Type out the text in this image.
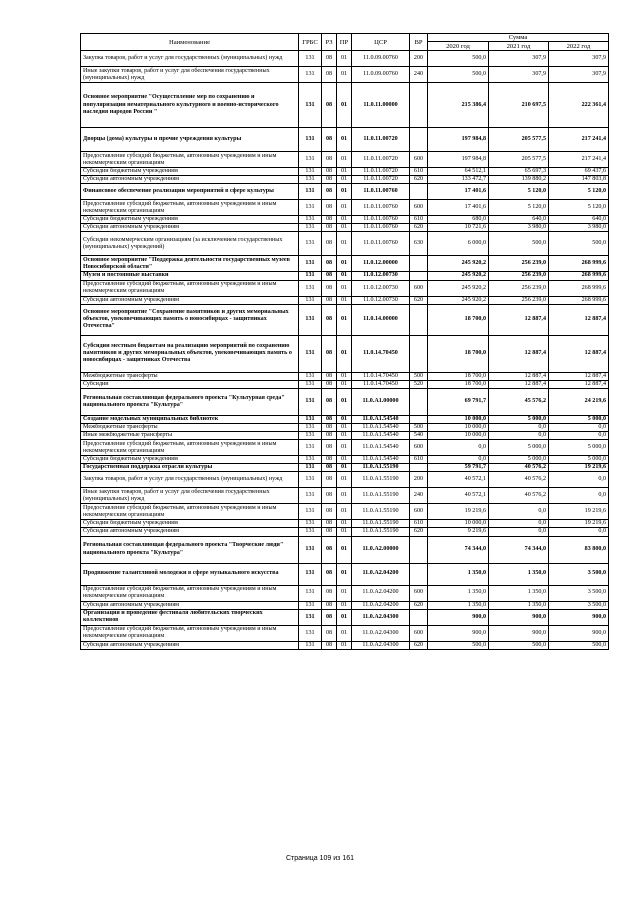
Наименование	ГРБС	РЗ	ПР	ЦСР	ВР	Сумма		
						2020 год	2021 год	2022 год
Закупка товаров, работ и услуг для государственных (муниципальных) нужд	131	08	01	11.0.09.00760	200	500,0	307,9	307,9
Иные закупки товаров, работ и услуг для обеспечения государственных (муниципальных) нужд	131	08	01	11.0.09.00760	240	500,0	307,9	307,9
Основное мероприятие "Осуществление мер по сохранению и популяризации нематериального культурного и военно-исторического наследия народов России "	131	08	01	11.0.11.00000		215 386,4	210 697,5	222 361,4
Дворцы (дома) культуры и прочие учреждения культуры	131	08	01	11.0.11.00720		197 984,8	205 577,5	217 241,4
Предоставление субсидий бюджетным, автономным учреждениям и иным некоммерческим организациям	131	08	01	11.0.11.00720	600	197 984,8	205 577,5	217 241,4
Субсидии бюджетным учреждениям	131	08	01	11.0.11.00720	610	64 512,1	65 697,3	69 437,6
Субсидии автономным учреждениям	131	08	01	11.0.11.00720	620	133 472,7	139 880,2	147 803,8
Финансовое обеспечение реализации мероприятий в сфере культуры	131	08	01	11.0.11.00760		17 401,6	5 120,0	5 120,0
Предоставление субсидий бюджетным, автономным учреждениям и иным некоммерческим организациям	131	08	01	11.0.11.00760	600	17 401,6	5 120,0	5 120,0
Субсидии бюджетным учреждениям	131	08	01	11.0.11.00760	610	680,0	640,0	640,0
Субсидии автономным учреждениям	131	08	01	11.0.11.00760	620	10 721,6	3 980,0	3 980,0
Субсидии некоммерческим организациям (за исключением государственных (муниципальных) учреждений)	131	08	01	11.0.11.00760	630	6 000,0	500,0	500,0
Основное мероприятие "Поддержка деятельности государственных музеев Новосибирской области"	131	08	01	11.0.12.00000		245 920,2	256 239,0	268 999,6
Музеи и постоянные выставки	131	08	01	11.0.12.00730		245 920,2	256 239,0	268 999,6
Предоставление субсидий бюджетным, автономным учреждениям и иным некоммерческим организациям	131	08	01	11.0.12.00730	600	245 920,2	256 239,0	268 999,6
Субсидии автономным учреждениям	131	08	01	11.0.12.00730	620	245 920,2	256 239,0	268 999,6
Основное мероприятие "Сохранение памятников и других мемориальных объектов, увековечивающих память о новосибирцах - защитниках Отечества"	131	08	01	11.0.14.00000		18 700,0	12 887,4	12 887,4
Субсидии местным бюджетам на реализацию мероприятий по сохранению памятников и других мемориальных объектов, увековечивающих память о новосибирцах - защитниках Отечества	131	08	01	11.0.14.70450		18 700,0	12 887,4	12 887,4
Межбюджетные трансферты	131	08	01	11.0.14.70450	500	18 700,0	12 887,4	12 887,4
Субсидии	131	08	01	11.0.14.70450	520	18 700,0	12 887,4	12 887,4
Региональная составляющая федерального проекта "Культурная среда" национального проекта "Культура"	131	08	01	11.0.A1.00000		69 791,7	45 576,2	24 219,6
Создание модельных муниципальных библиотек	131	08	01	11.0.A1.54540		10 000,0	5 000,0	5 000,0
Межбюджетные трансферты	131	08	01	11.0.A1.54540	500	10 000,0	0,0	0,0
Иные межбюджетные трансферты	131	08	01	11.0.A1.54540	540	10 000,0	0,0	0,0
Предоставление субсидий бюджетным, автономным учреждениям и иным некоммерческим организациям	131	08	01	11.0.A1.54540	600	0,0	5 000,0	5 000,0
Субсидии бюджетным учреждениям	131	08	01	11.0.A1.54540	610	0,0	5 000,0	5 000,0
Государственная поддержка отрасли культуры	131	08	01	11.0.A1.55190		59 791,7	40 576,2	19 219,6
Закупка товаров, работ и услуг для государственных (муниципальных) нужд	131	08	01	11.0.A1.55190	200	40 572,1	40 576,2	0,0
Иные закупки товаров, работ и услуг для обеспечения государственных (муниципальных) нужд	131	08	01	11.0.A1.55190	240	40 572,1	40 576,2	0,0
Предоставление субсидий бюджетным, автономным учреждениям и иным некоммерческим организациям	131	08	01	11.0.A1.55190	600	19 219,6	0,0	19 219,6
Субсидии бюджетным учреждениям	131	08	01	11.0.A1.55190	610	10 000,0	0,0	19 219,6
Субсидии автономным учреждениям	131	08	01	11.0.A1.55190	620	9 219,6	0,0	0,0
Региональная составляющая федерального проекта "Творческие люди" национального проекта "Культура"	131	08	01	11.0.A2.00000		74 344,0	74 344,0	83 800,0
Продвижение талантливой молодежи в сфере музыкального искусства	131	08	01	11.0.A2.04200		1 350,0	1 350,0	3 500,0
Предоставление субсидий бюджетным, автономным учреждениям и иным некоммерческим организациям	131	08	01	11.0.A2.04200	600	1 350,0	1 350,0	3 500,0
Субсидии автономным учреждениям	131	08	01	11.0.A2.04200	620	1 350,0	1 350,0	3 500,0
Организация и проведение фестиваля любительских творческих коллективов	131	08	01	11.0.A2.04300		900,0	900,0	900,0
Предоставление субсидий бюджетным, автономным учреждениям и иным некоммерческим организациям	131	08	01	11.0.A2.04300	600	900,0	900,0	900,0
Субсидии автономным учреждениям	131	08	01	11.0.A2.04300	620	500,0	500,0	500,0
Страница 109 из 161
